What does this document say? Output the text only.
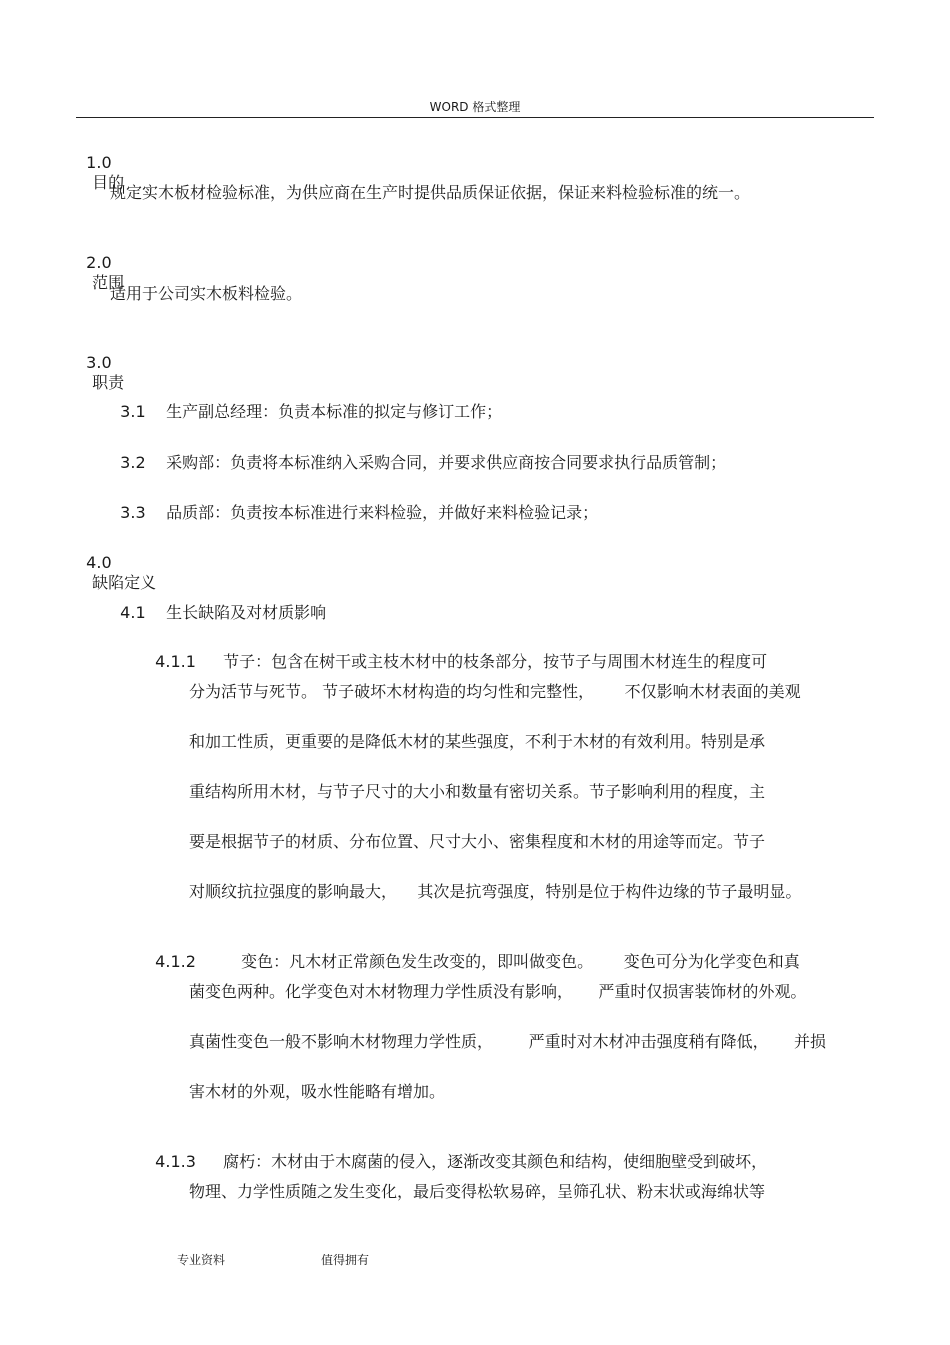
WORD 格式整理

1.0
目的

规定实木板材检验标准，为供应商在生产时提供品质保证依据，保证来料检验标准的统一。

2.0
范围

适用于公司实木板料检验。

3.0
职责

3.1 生产副总经理：负责本标准的拟定与修订工作；

3.2 采购部：负责将本标准纳入采购合同，并要求供应商按合同要求执行品质管制；

3.3 品质部：负责按本标准进行来料检验，并做好来料检验记录；

4.0
缺陷定义

4.1 生长缺陷及对材质影响

4.1.1 节子：包含在树干或主枝木材中的枝条部分，按节子与周围木材连生的程度可

分为活节与死节。 节子破坏木材构造的均匀性和完整性，      不仅影响木材表面的美观
和加工性质，更重要的是降低木材的某些强度，不利于木材的有效利用。特别是承
重结构所用木材，与节子尺寸的大小和数量有密切关系。节子影响利用的程度，主
要是根据节子的材质、分布位置、尺寸大小、密集程度和木材的用途等而定。节子
对顺纹抗拉强度的影响最大，    其次是抗弯强度，特别是位于构件边缘的节子最明显。

4.1.2	变色：凡木材正常颜色发生改变的，即叫做变色。      变色可分为化学变色和真

菌变色两种。化学变色对木材物理力学性质没有影响，     严重时仅损害装饰材的外观。
真菌性变色一般不影响木材物理力学性质，       严重时对木材冲击强度稍有降低，     并损
害木材的外观，吸水性能略有增加。

4.1.3 腐朽：木材由于木腐菌的侵入，逐渐改变其颜色和结构，使细胞壁受到破坏，

物理、力学性质随之发生变化，最后变得松软易碎，呈筛孔状、粉末状或海绵状等
专业资料	值得拥有
